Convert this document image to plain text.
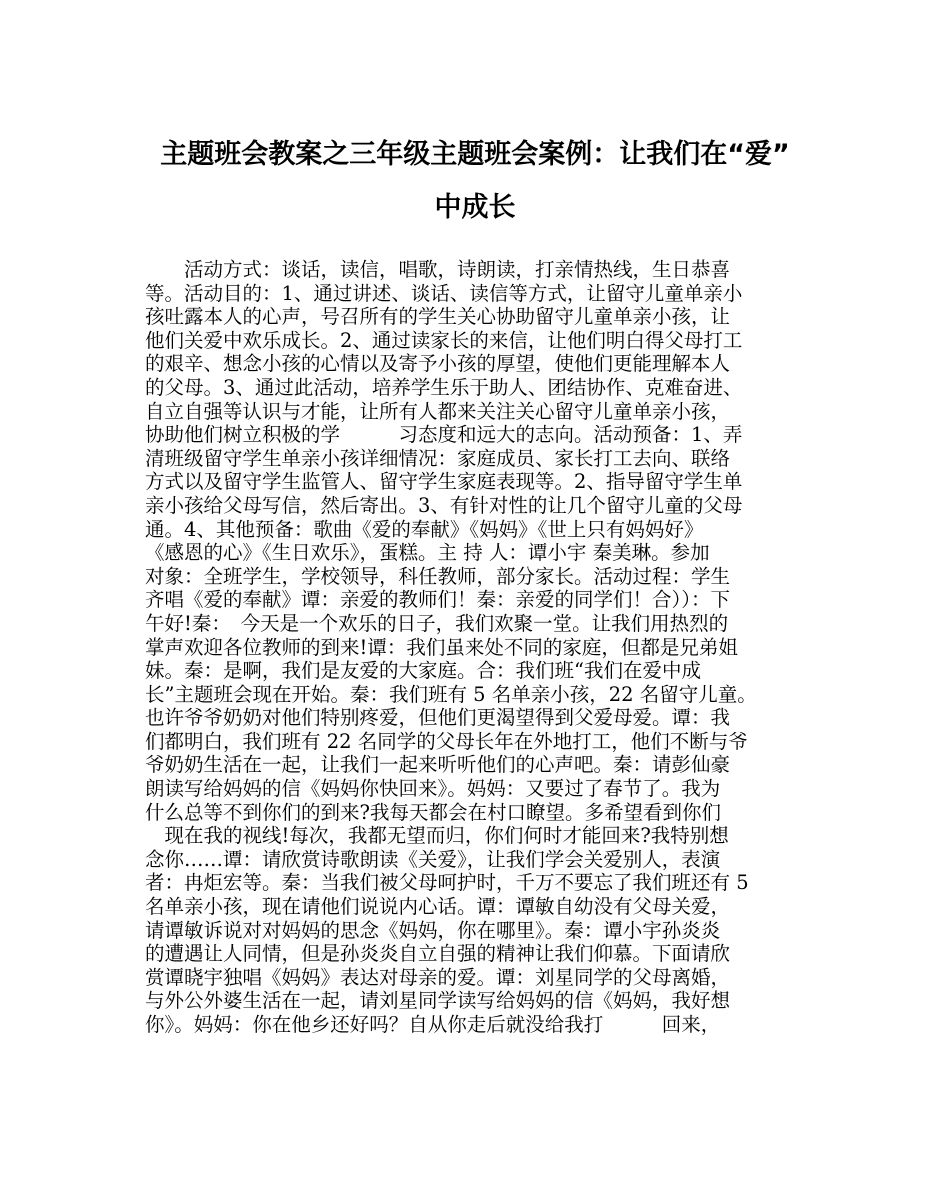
主题班会教案之三年级主题班会案例：让我们在“爱”
中成长
　　活动方式：谈话，读信，唱歌，诗朗读，打亲情热线，生日恭喜
等。活动目的：1、通过讲述、谈话、读信等方式，让留守儿童单亲小
孩吐露本人的心声，号召所有的学生关心协助留守儿童单亲小孩，让
他们关爱中欢乐成长。2、通过读家长的来信，让他们明白得父母打工
的艰辛、想念小孩的心情以及寄予小孩的厚望，使他们更能理解本人
的父母。3、通过此活动，培养学生乐于助人、团结协作、克难奋进、
自立自强等认识与才能，让所有人都来关注关心留守儿童单亲小孩，
协助他们树立积极的学　　　习态度和远大的志向。活动预备：1、弄
清班级留守学生单亲小孩详细情况：家庭成员、家长打工去向、联络
方式以及留守学生监管人、留守学生家庭表现等。2、指导留守学生单
亲小孩给父母写信，然后寄出。3、有针对性的让几个留守儿童的父母
通。4、其他预备：歌曲《爱的奉献》《妈妈》《世上只有妈妈好》
《感恩的心》《生日欢乐》，蛋糕。主 持 人：谭小宇 秦美琳。参加
对象：全班学生，学校领导，科任教师，部分家长。活动过程：学生
齐唱《爱的奉献》谭：亲爱的教师们！秦：亲爱的同学们！合））：下
午好!秦：　今天是一个欢乐的日子，我们欢聚一堂。让我们用热烈的
掌声欢迎各位教师的到来!谭：我们虽来处不同的家庭，但都是兄弟姐
妹。秦：是啊，我们是友爱的大家庭。合：我们班“我们在爱中成
长”主题班会现在开始。秦：我们班有 5 名单亲小孩，22 名留守儿童。
也许爷爷奶奶对他们特别疼爱，但他们更渴望得到父爱母爱。谭：我
们都明白，我们班有 22 名同学的父母长年在外地打工，他们不断与爷
爷奶奶生活在一起，让我们一起来听听他们的心声吧。秦：请彭仙豪
朗读写给妈妈的信《妈妈你快回来》。妈妈：又要过了春节了。我为
什么总等不到你们的到来?我每天都会在村口瞭望。多希望看到你们
　现在我的视线!每次，我都无望而归，你们何时才能回来?我特别想
念你……谭：请欣赏诗歌朗读《关爱》，让我们学会关爱别人，表演
者：冉炬宏等。秦：当我们被父母呵护时，千万不要忘了我们班还有 5
名单亲小孩，现在请他们说说内心话。谭：谭敏自幼没有父母关爱，
请谭敏诉说对对妈妈的思念《妈妈，你在哪里》。秦：谭小宇孙炎炎
的遭遇让人同情，但是孙炎炎自立自强的精神让我们仰慕。下面请欣
赏谭晓宇独唱《妈妈》表达对母亲的爱。谭：刘星同学的父母离婚，
与外公外婆生活在一起，请刘星同学读写给妈妈的信《妈妈，我好想
你》。妈妈：你在他乡还好吗？自从你走后就没给我打　　　回来，
